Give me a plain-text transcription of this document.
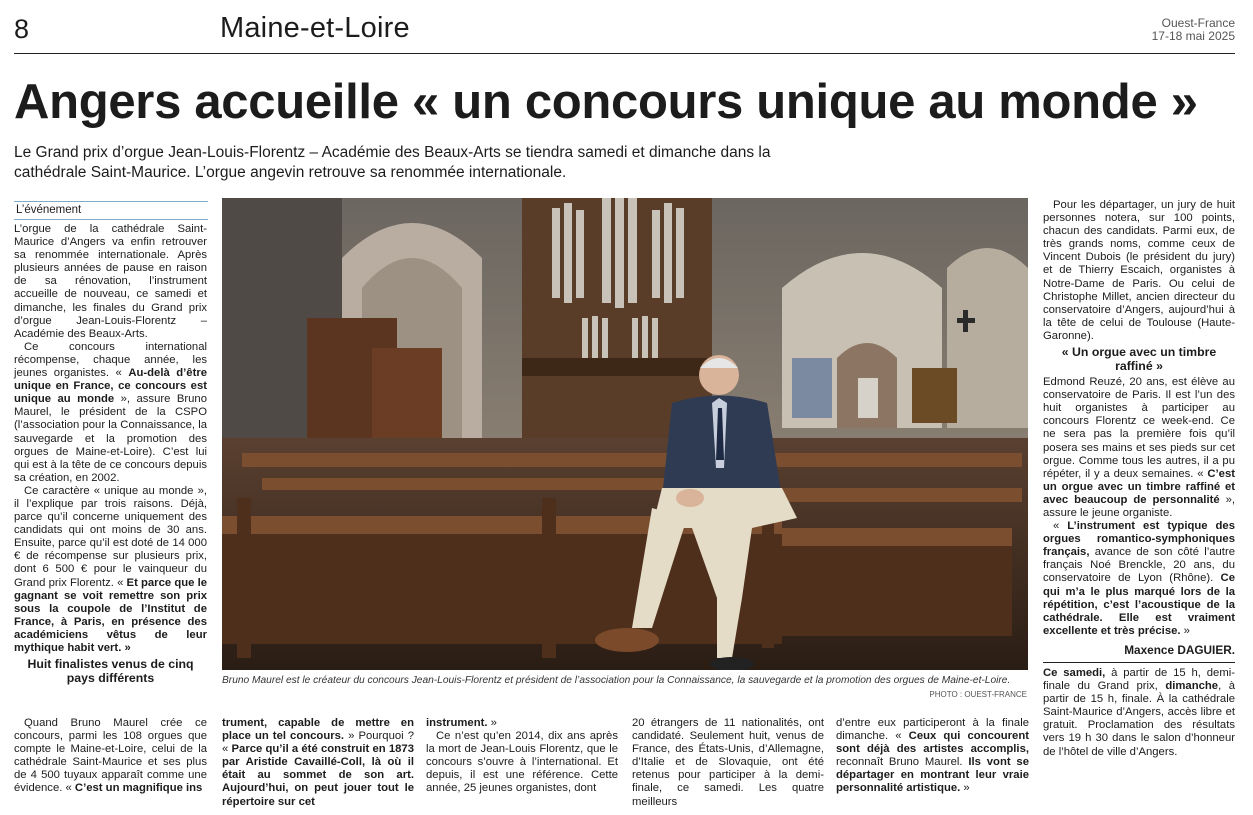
8	Maine-et-Loire	Ouest-France
17-18 mai 2025
Angers accueille « un concours unique au monde »
Le Grand prix d’orgue Jean-Louis-Florentz – Académie des Beaux-Arts se tiendra samedi et dimanche dans la cathédrale Saint-Maurice. L’orgue angevin retrouve sa renommée internationale.
L’événement

L’orgue de la cathédrale Saint-Maurice d’Angers va enfin retrouver sa renommée internationale. Après plusieurs années de pause en raison de sa rénovation, l’instrument accueille de nouveau, ce samedi et dimanche, les finales du Grand prix d’orgue Jean-Louis-Florentz – Académie des Beaux-Arts.

Ce concours international récompense, chaque année, les jeunes organistes. « Au-delà d’être unique en France, ce concours est unique au monde », assure Bruno Maurel, le président de la CSPO (l’association pour la Connaissance, la sauvegarde et la promotion des orgues de Maine-et-Loire). C’est lui qui est à la tête de ce concours depuis sa création, en 2002.

Ce caractère « unique au monde », il l’explique par trois raisons. Déjà, parce qu’il concerne uniquement des candidats qui ont moins de 30 ans. Ensuite, parce qu’il est doté de 14 000 € de récompense sur plusieurs prix, dont 6 500 € pour le vainqueur du Grand prix Florentz. « Et parce que le gagnant se voit remettre son prix sous la coupole de l’Institut de France, à Paris, en présence des académiciens vêtus de leur mythique habit vert. »

Huit finalistes venus de cinq pays différents	Bruno Maurel est le créateur du concours Jean-Louis-Florentz et président de l’association pour la Connaissance, la sauvegarde et la promotion des orgues de Maine-et-Loire.
PHOTO : OUEST-FRANCE

Quand Bruno Maurel crée ce concours, parmi les 108 orgues que compte le Maine-et-Loire, celui de la cathédrale Saint-Maurice et ses plus de 4 500 tuyaux apparaît comme une évidence. « C’est un magnifique ins

trument, capable de mettre en place un tel concours. » Pourquoi ? « Parce qu’il a été construit en 1873 par Aristide Cavaillé-Coll, là où il était au sommet de son art. Aujourd’hui, on peut jouer tout le répertoire sur cet

instrument. »

Ce n’est qu’en 2014, dix ans après la mort de Jean-Louis Florentz, que le concours s’ouvre à l’international. Et depuis, il est une référence. Cette année, 25 jeunes organistes, dont

20 étrangers de 11 nationalités, ont candidaté. Seulement huit, venus de France, des États-Unis, d’Allemagne, d’Italie et de Slovaquie, ont été retenus pour participer à la demi-finale, ce samedi. Les quatre meilleurs

d’entre eux participeront à la finale dimanche. « Ceux qui concourent sont déjà des artistes accomplis, reconnaît Bruno Maurel. Ils vont se départager en montrant leur vraie personnalité artistique. »

Pour les départager, un jury de huit personnes notera, sur 100 points, chacun des candidats. Parmi eux, de très grands noms, comme ceux de Vincent Dubois (le président du jury) et de Thierry Escaich, organistes à Notre-Dame de Paris. Ou celui de Christophe Millet, ancien directeur du conservatoire d’Angers, aujourd’hui à la tête de celui de Toulouse (Haute-Garonne).

« Un orgue avec un timbre raffiné »

Edmond Reuzé, 20 ans, est élève au conservatoire de Paris. Il est l’un des huit organistes à participer au concours Florentz ce week-end. Ce ne sera pas la première fois qu’il posera ses mains et ses pieds sur cet orgue. Comme tous les autres, il a pu répéter, il y a deux semaines. « C’est un orgue avec un timbre raffiné et avec beaucoup de personnalité », assure le jeune organiste.

« L’instrument est typique des orgues romantico-symphoniques français, avance de son côté l’autre français Noé Brenckle, 20 ans, du conservatoire de Lyon (Rhône). Ce qui m’a le plus marqué lors de la répétition, c’est l’acoustique de la cathédrale. Elle est vraiment excellente et très précise. »

Maxence DAGUIER.

Ce samedi, à partir de 15 h, demi-finale du Grand prix, dimanche, à partir de 15 h, finale. À la cathédrale Saint-Maurice d’Angers, accès libre et gratuit. Proclamation des résultats vers 19 h 30 dans le salon d’honneur de l’hôtel de ville d’Angers.
